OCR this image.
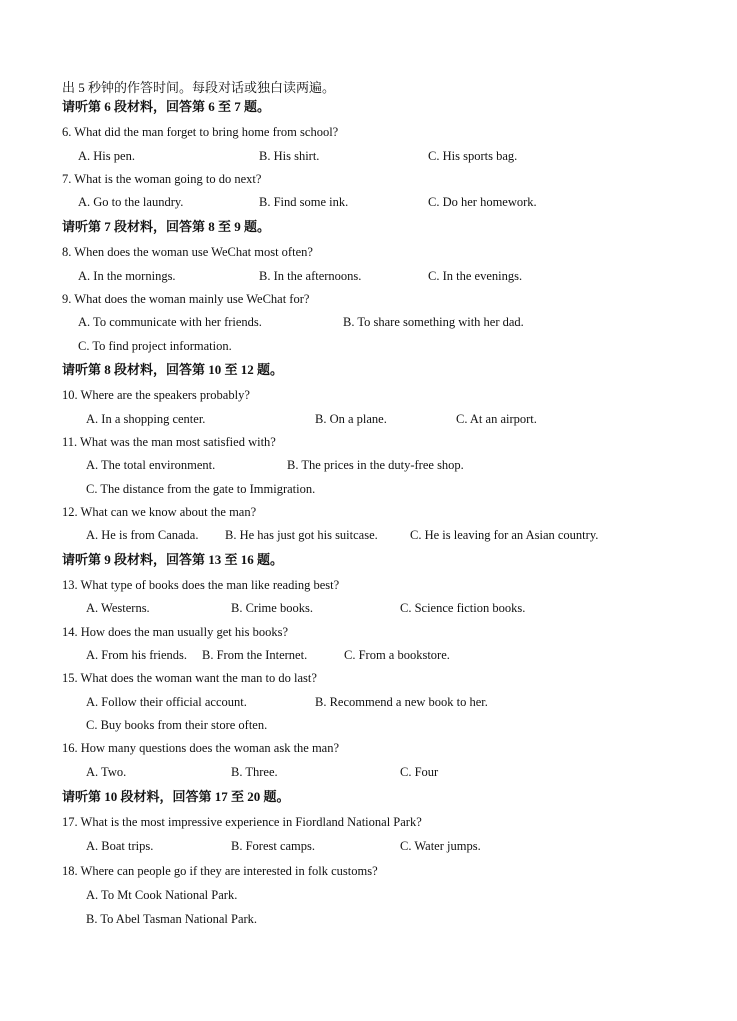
出 5 秒钟的作答时间。每段对话或独白读两遍。
请听第 6 段材料，回答第 6 至 7 题。
6. What did the man forget to bring home from school?
A. His pen.	B. His shirt.	C. His sports bag.
7. What is the woman going to do next?
A. Go to the laundry.	B. Find some ink.	C. Do her homework.
请听第 7 段材料，回答第 8 至 9 题。
8. When does the woman use WeChat most often?
A. In the mornings.	B. In the afternoons.	C. In the evenings.
9. What does the woman mainly use WeChat for?
A. To communicate with her friends.	B. To share something with her dad.
C. To find project information.
请听第 8 段材料，回答第 10 至 12 题。
10. Where are the speakers probably?
A. In a shopping center.	B. On a plane.	C. At an airport.
11. What was the man most satisfied with?
A. The total environment.	B. The prices in the duty-free shop.
C. The distance from the gate to Immigration.
12. What can we know about the man?
A. He is from Canada. B. He has just got his suitcase.	C. He is leaving for an Asian country.
请听第 9 段材料，回答第 13 至 16 题。
13. What type of books does the man like reading best?
A. Westerns.	B. Crime books.	C. Science fiction books.
14. How does the man usually get his books?
A. From his friends. B. From the Internet.	C. From a bookstore.
15. What does the woman want the man to do last?
A. Follow their official account.	B. Recommend a new book to her.
C. Buy books from their store often.
16. How many questions does the woman ask the man?
A. Two.	B. Three.	C. Four
请听第 10 段材料，回答第 17 至 20 题。
17. What is the most impressive experience in Fiordland National Park?
A. Boat trips.	B. Forest camps.	C. Water jumps.
18. Where can people go if they are interested in folk customs?
A. To Mt Cook National Park.
B. To Abel Tasman National Park.
